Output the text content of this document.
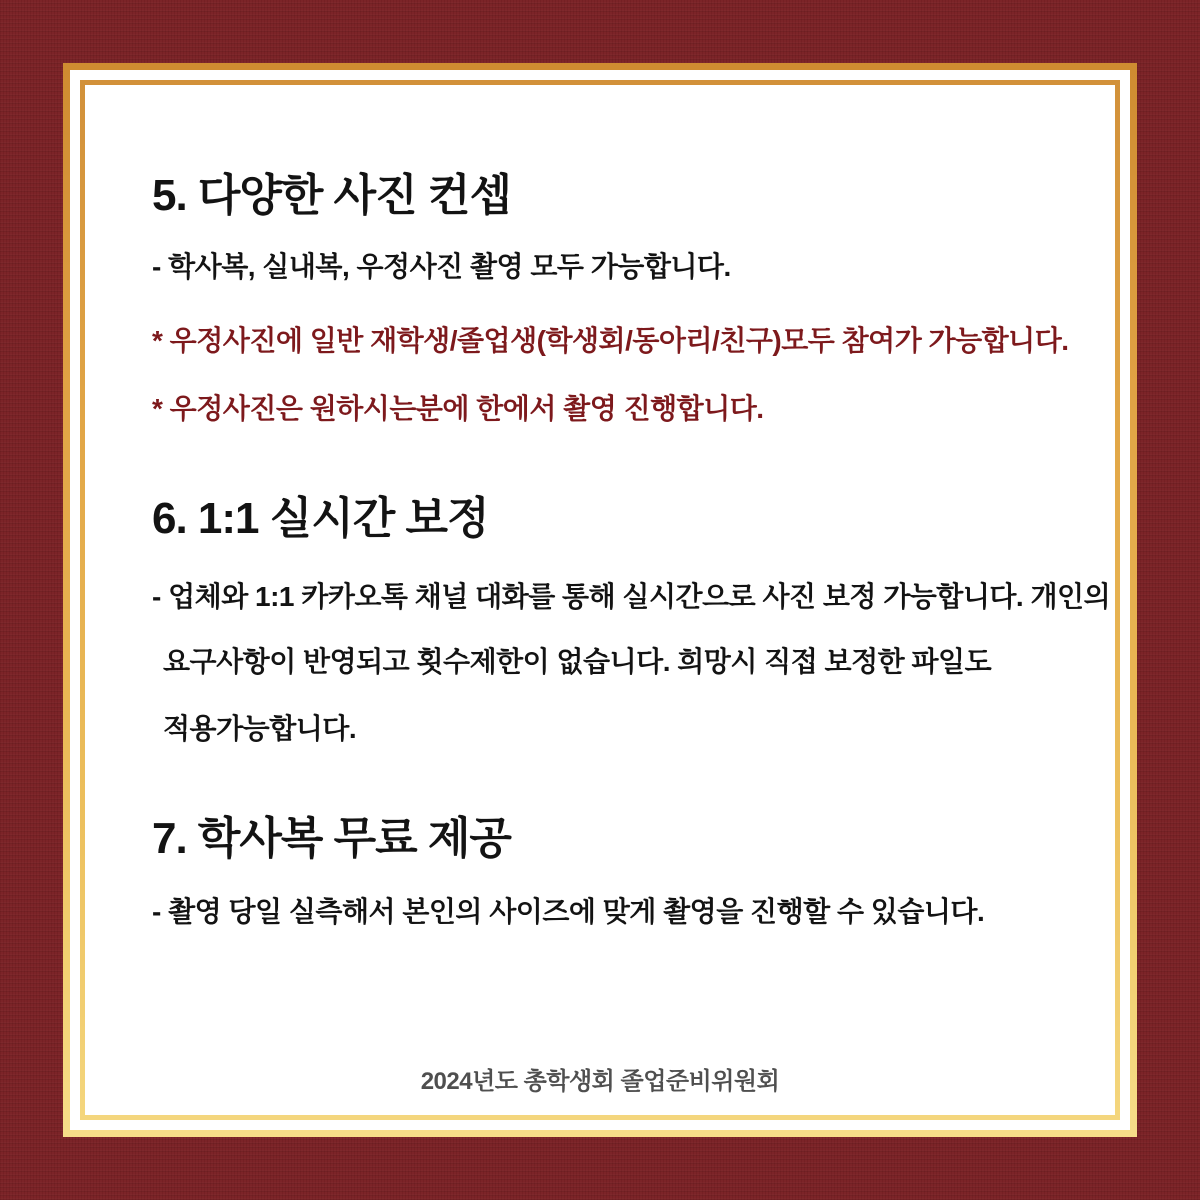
5. 다양한 사진 컨셉
- 학사복, 실내복, 우정사진 촬영 모두 가능합니다.
* 우정사진에 일반 재학생/졸업생(학생회/동아리/친구)모두 참여가 가능합니다.
* 우정사진은 원하시는분에 한에서 촬영 진행합니다.
6. 1:1 실시간 보정
- 업체와 1:1 카카오톡 채널 대화를 통해 실시간으로 사진 보정 가능합니다. 개인의
요구사항이 반영되고 횟수제한이 없습니다. 희망시 직접 보정한 파일도
적용가능합니다.
7. 학사복 무료 제공
- 촬영 당일 실측해서 본인의 사이즈에 맞게 촬영을 진행할 수 있습니다.
2024년도 총학생회 졸업준비위원회
